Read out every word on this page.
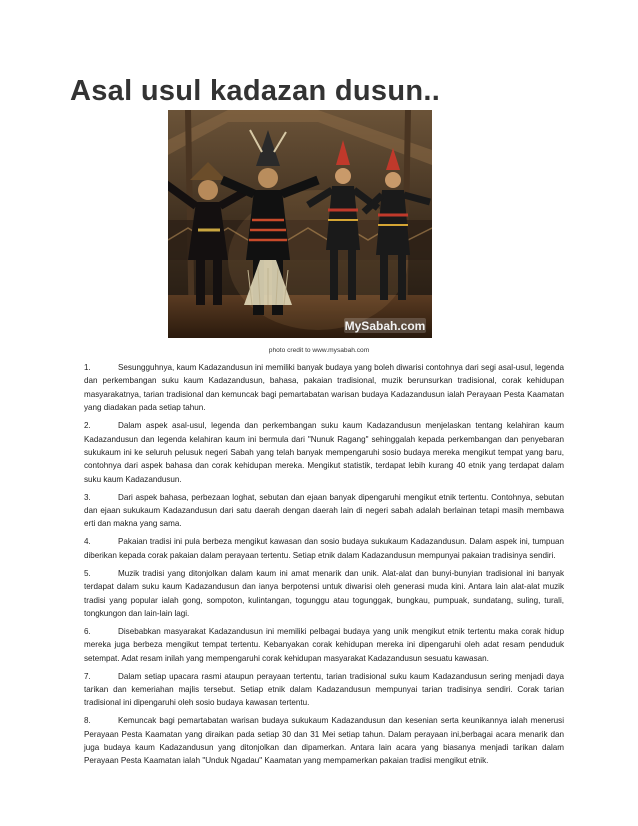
Asal usul kadazan dusun..
MySabah.com

photo credit to www.mysabah.com

1.	Sesungguhnya, kaum Kadazandusun ini memiliki banyak budaya yang boleh diwarisi contohnya dari segi asal-usul, legenda dan perkembangan suku kaum Kadazandusun, bahasa, pakaian tradisional, muzik berunsurkan tradisional, corak kehidupan masyarakatnya, tarian tradisional dan kemuncak bagi pemartabatan warisan budaya Kadazandusun ialah Perayaan Pesta Kaamatan yang diadakan pada setiap tahun.

2.	Dalam aspek asal-usul, legenda dan perkembangan suku kaum Kadazandusun menjelaskan tentang kelahiran kaum Kadazandusun dan legenda kelahiran kaum ini bermula dari "Nunuk Ragang" sehinggalah kepada perkembangan dan penyebaran sukukaum ini ke seluruh pelusuk negeri Sabah yang telah banyak mempengaruhi sosio budaya mereka mengikut tempat yang baru, contohnya dari aspek bahasa dan corak kehidupan mereka. Mengikut statistik, terdapat lebih kurang 40 etnik yang terdapat dalam suku kaum Kadazandusun.

3.	Dari aspek bahasa, perbezaan loghat, sebutan dan ejaan banyak dipengaruhi mengikut etnik tertentu. Contohnya, sebutan dan ejaan sukukaum Kadazandusun dari satu daerah dengan daerah lain di negeri sabah adalah berlainan tetapi masih membawa erti dan makna yang sama.

4.	Pakaian tradisi ini pula berbeza mengikut kawasan dan sosio budaya sukukaum Kadazandusun. Dalam aspek ini, tumpuan diberikan kepada corak pakaian dalam perayaan tertentu. Setiap etnik dalam Kadazandusun mempunyai pakaian tradisinya sendiri.

5.	Muzik tradisi yang ditonjolkan dalam kaum ini amat menarik dan unik. Alat-alat dan bunyi-bunyian tradisional ini banyak terdapat dalam suku kaum Kadazandusun dan ianya berpotensi untuk diwarisi oleh generasi muda kini. Antara lain alat-alat muzik tradisi yang popular ialah gong, sompoton, kulintangan, togunggu atau togunggak, bungkau, pumpuak, sundatang, suling, turali, tongkungon dan lain-lain lagi.

6.	Disebabkan masyarakat Kadazandusun ini memiliki pelbagai budaya yang unik mengikut etnik tertentu maka corak hidup mereka juga berbeza mengikut tempat tertentu. Kebanyakan corak kehidupan mereka ini dipengaruhi oleh adat resam penduduk setempat. Adat resam inilah yang mempengaruhi corak kehidupan masyarakat Kadazandusun sesuatu kawasan.

7.	Dalam setiap upacara rasmi ataupun perayaan tertentu, tarian tradisional suku kaum Kadazandusun sering menjadi daya tarikan dan kemeriahan majlis tersebut. Setiap etnik dalam Kadazandusun mempunyai tarian tradisinya sendiri. Corak tarian tradisional ini dipengaruhi oleh sosio budaya kawasan tertentu.

8.	Kemuncak bagi pemartabatan warisan budaya sukukaum Kadazandusun dan kesenian serta keunikannya ialah menerusi Perayaan Pesta Kaamatan yang diraikan pada setiap 30 dan 31 Mei setiap tahun. Dalam perayaan ini,berbagai acara menarik dan juga budaya kaum Kadazandusun yang ditonjolkan dan dipamerkan. Antara lain acara yang biasanya menjadi tarikan dalam Perayaan Pesta Kaamatan ialah "Unduk Ngadau" Kaamatan yang mempamerkan pakaian tradisi mengikut etnik.
